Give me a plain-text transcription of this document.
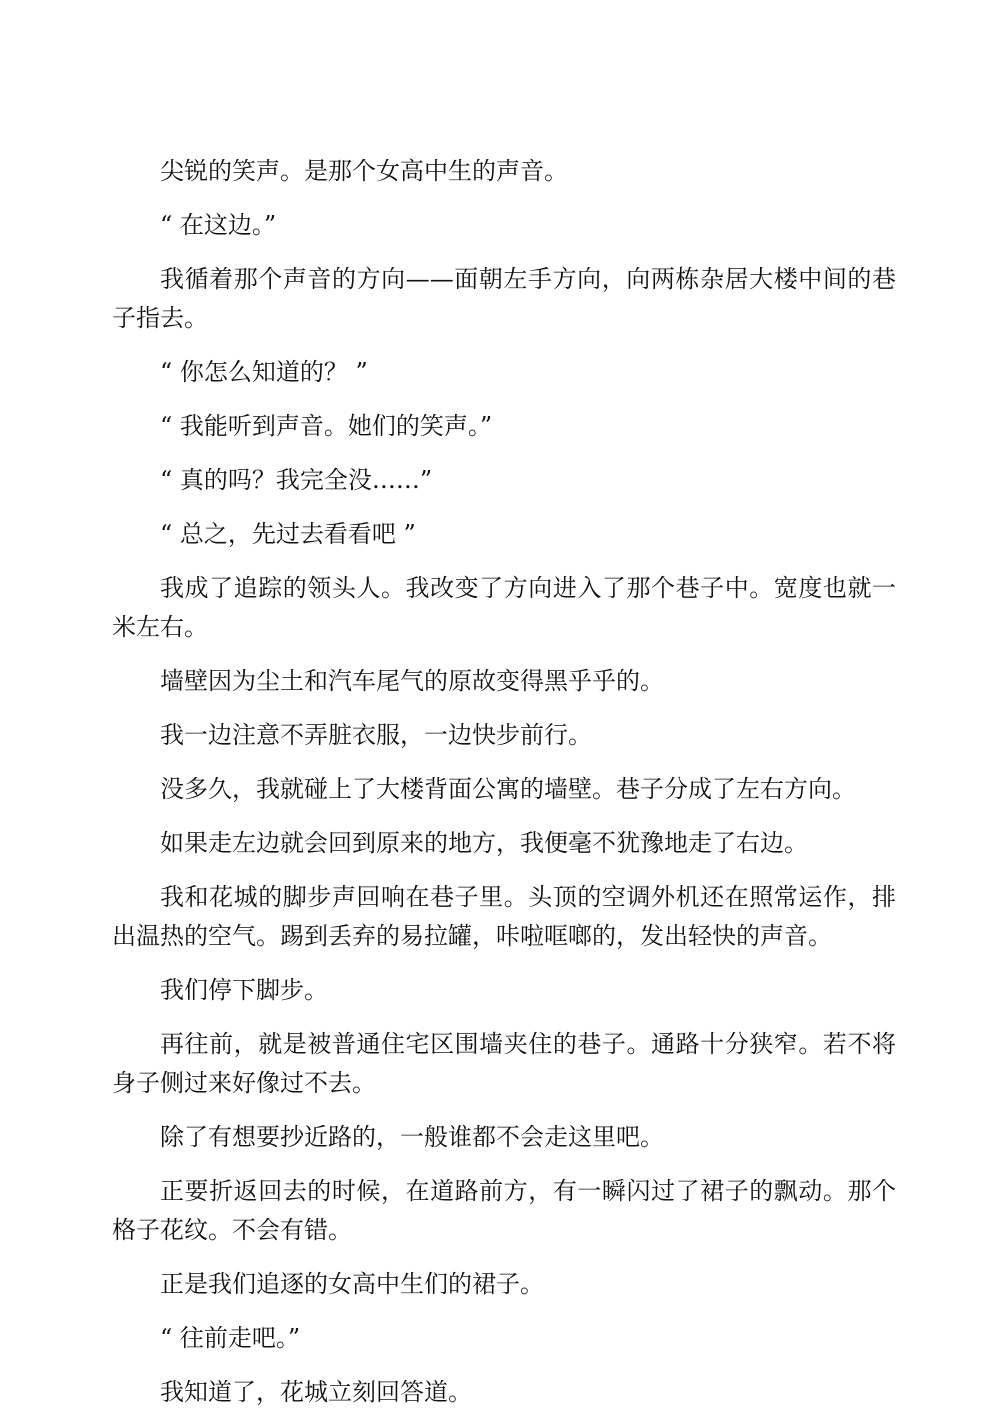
尖锐的笑声。是那个女高中生的声音。

“ 在这边。”

我循着那个声音的方向——面朝左手方向，向两栋杂居大楼中间的巷子指去。

“ 你怎么知道的？ ”

“ 我能听到声音。她们的笑声。”

“ 真的吗？我完全没……”

“ 总之，先过去看看吧 ”

我成了追踪的领头人。我改变了方向进入了那个巷子中。宽度也就一米左右。

墙壁因为尘土和汽车尾气的原故变得黑乎乎的。

我一边注意不弄脏衣服，一边快步前行。

没多久，我就碰上了大楼背面公寓的墙壁。巷子分成了左右方向。

如果走左边就会回到原来的地方，我便毫不犹豫地走了右边。

我和花城的脚步声回响在巷子里。头顶的空调外机还在照常运作，排出温热的空气。踢到丢弃的易拉罐，咔啦哐啷的，发出轻快的声音。

我们停下脚步。

再往前，就是被普通住宅区围墙夹住的巷子。通路十分狭窄。若不将身子侧过来好像过不去。

除了有想要抄近路的，一般谁都不会走这里吧。

正要折返回去的时候，在道路前方，有一瞬闪过了裙子的飘动。那个格子花纹。不会有错。

正是我们追逐的女高中生们的裙子。

“ 往前走吧。”

我知道了，花城立刻回答道。
